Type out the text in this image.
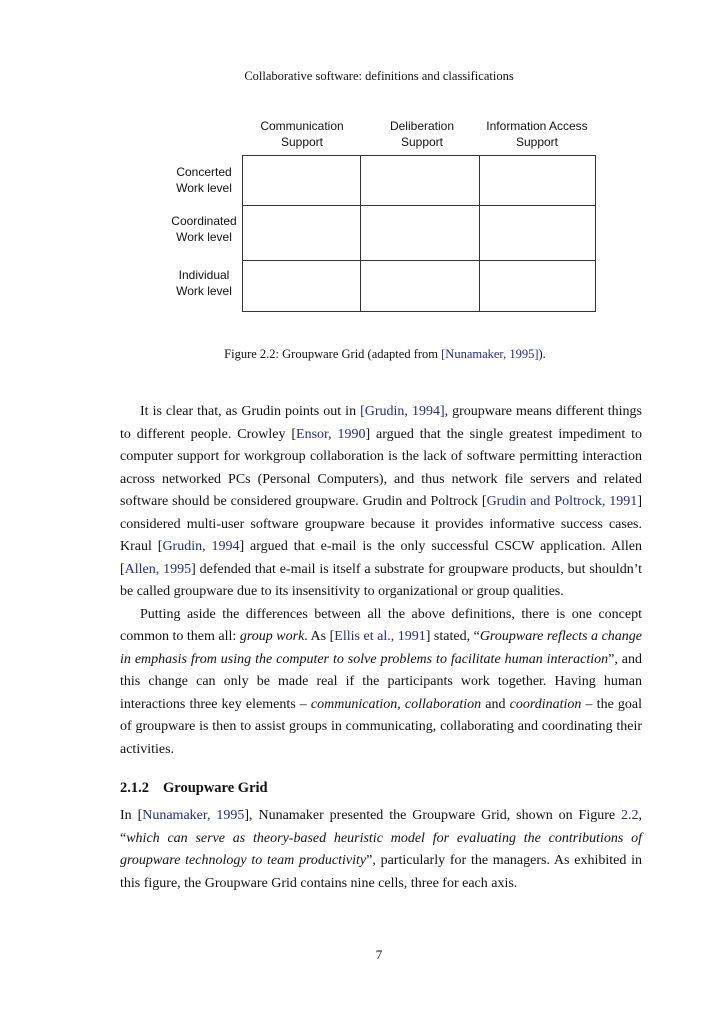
Collaborative software: definitions and classifications
Communication
Support
Deliberation
Support
Information Access
Support
Concerted
Work level
Coordinated
Work level
Individual
Work level
Figure 2.2: Groupware Grid (adapted from [Nunamaker, 1995]).

It is clear that, as Grudin points out in [Grudin, 1994], groupware means different things to different people. Crowley [Ensor, 1990] argued that the single greatest impediment to computer support for workgroup collaboration is the lack of software permitting interaction across networked PCs (Personal Computers), and thus network file servers and related software should be considered groupware. Grudin and Poltrock [Grudin and Poltrock, 1991] considered multi-user software groupware because it provides informative success cases. Kraul [Grudin, 1994] argued that e-mail is the only successful CSCW application. Allen [Allen, 1995] defended that e-mail is itself a substrate for groupware products, but shouldn’t be called groupware due to its insensitivity to organizational or group qualities.

Putting aside the differences between all the above definitions, there is one concept common to them all: group work. As [Ellis et al., 1991] stated, “Groupware reflects a change in emphasis from using the computer to solve problems to facilitate human interaction”, and this change can only be made real if the participants work together. Having human interactions three key elements – communication, collaboration and coordination – the goal of groupware is then to assist groups in communicating, collaborating and coordinating their activities.

2.1.2 Groupware Grid

In [Nunamaker, 1995], Nunamaker presented the Groupware Grid, shown on Figure 2.2, “which can serve as theory-based heuristic model for evaluating the contributions of groupware technology to team productivity”, particularly for the managers. As exhibited in this figure, the Groupware Grid contains nine cells, three for each axis.

7
